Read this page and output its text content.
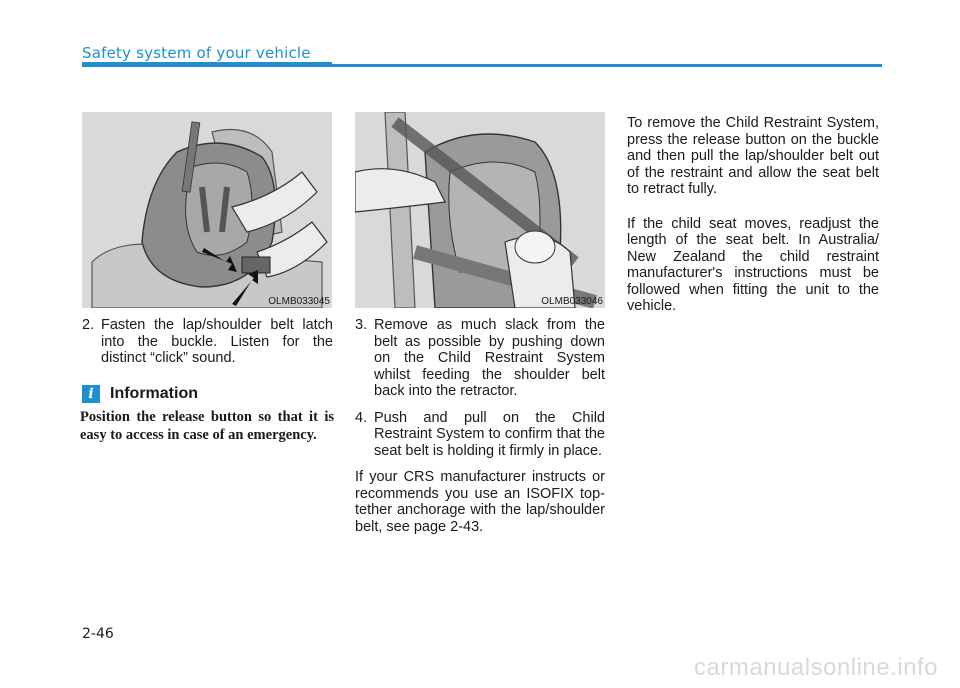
Safety system of your vehicle
OLMB033045	OLMB033046
2. Fasten the lap/shoulder belt latch into the buckle. Listen for the distinct “click” sound.
i	Information
Position the release button so that it is easy to access in case of an emergency.
3. Remove as much slack from the belt as possible by pushing down on the Child Restraint System whilst feeding the shoulder belt back into the retractor.
4. Push and pull on the Child Restraint System to confirm that the seat belt is holding it firmly in place.

If your CRS manufacturer instructs or recommends you use an ISOFIX top-tether anchorage with the lap/shoulder belt, see page 2-43.

To remove the Child Restraint System, press the release button on the buckle and then pull the lap/shoulder belt out of the restraint and allow the seat belt to retract fully.

If the child seat moves, readjust the length of the seat belt. In Australia/ New Zealand the child restraint manufacturer's instructions must be followed when fitting the unit to the vehicle.

2-46
carmanualsonline.info
